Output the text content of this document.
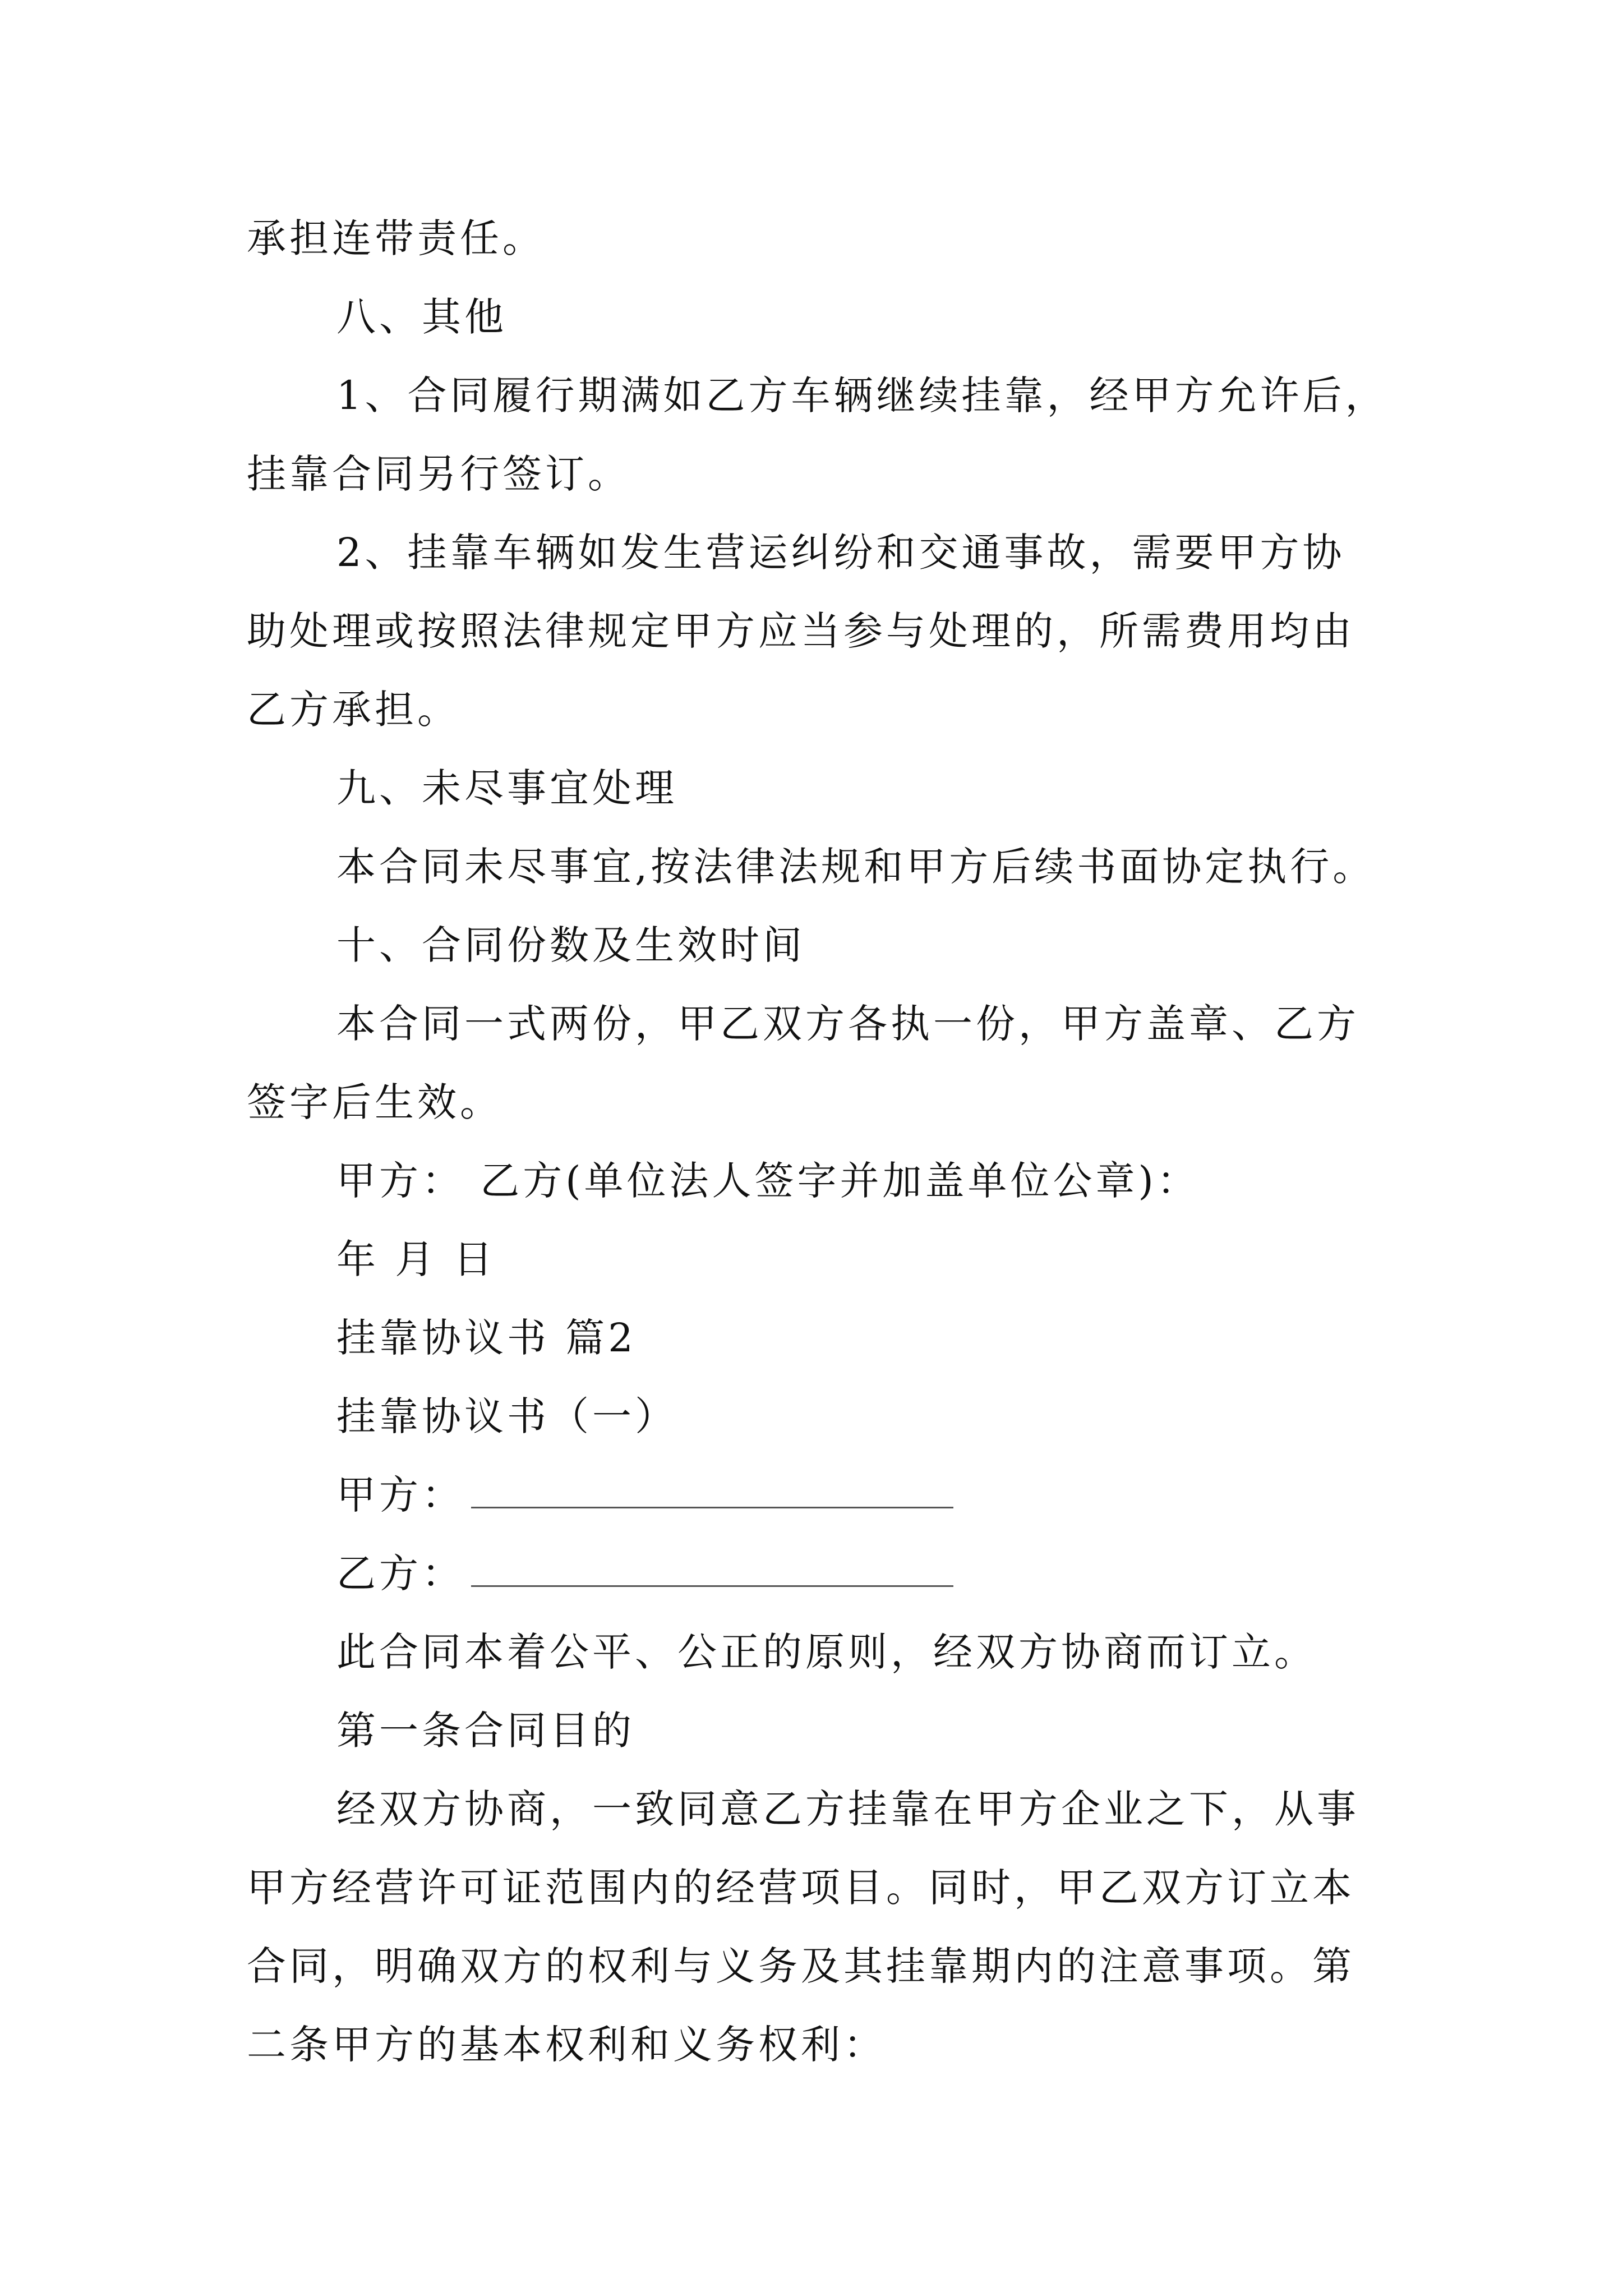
承担连带责任。
八、其他
1、合同履行期满如乙方车辆继续挂靠，经甲方允许后，
挂靠合同另行签订。
2、挂靠车辆如发生营运纠纷和交通事故，需要甲方协
助处理或按照法律规定甲方应当参与处理的，所需费用均由
乙方承担。
九、未尽事宜处理
本合同未尽事宜,按法律法规和甲方后续书面协定执行。
十、合同份数及生效时间
本合同一式两份，甲乙双方各执一份，甲方盖章、乙方
签字后生效。
甲方： 乙方(单位法人签字并加盖单位公章)：
年 月 日
挂靠协议书 篇2
挂靠协议书（一）
甲方：
乙方：
此合同本着公平、公正的原则，经双方协商而订立。
第一条合同目的
经双方协商，一致同意乙方挂靠在甲方企业之下，从事
甲方经营许可证范围内的经营项目。同时，甲乙双方订立本
合同，明确双方的权利与义务及其挂靠期内的注意事项。第
二条甲方的基本权利和义务权利：
